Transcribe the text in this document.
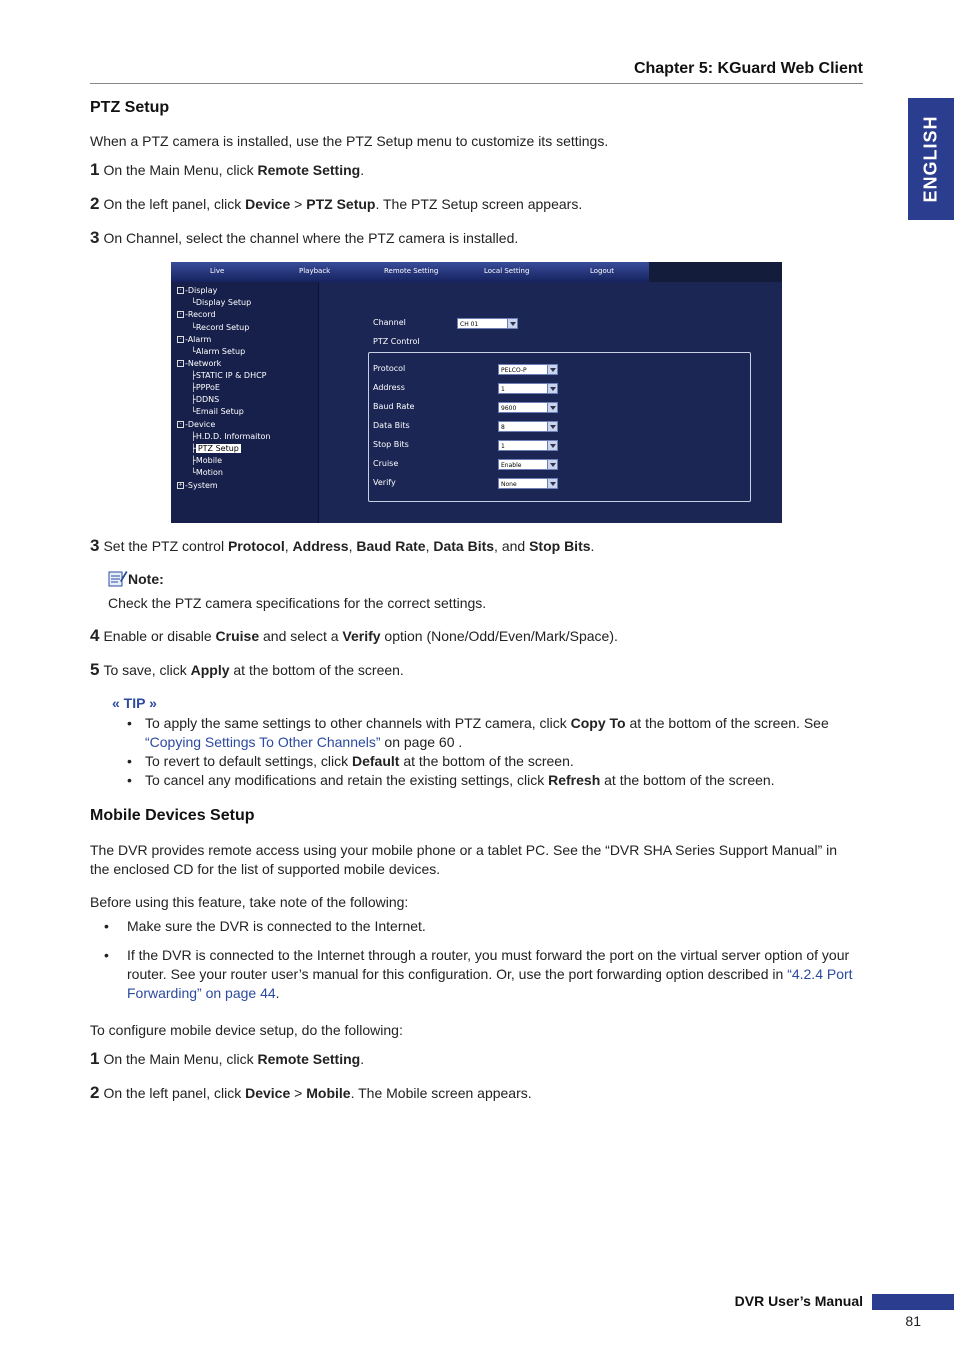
Chapter 5: KGuard Web Client
ENGLISH
PTZ Setup
When a PTZ camera is installed, use the PTZ Setup menu to customize its settings.
1 On the Main Menu, click Remote Setting.
2 On the left panel, click Device > PTZ Setup. The PTZ Setup screen appears.
3 On Channel, select the channel where the PTZ camera is installed.
Live	Playback	Remote Setting	Local Setting	Logout
- -Display
└Display Setup
- -Record
└Record Setup
- -Alarm
└Alarm Setup
- -Network
├STATIC IP & DHCP
├PPPoE
├DDNS
└Email Setup
- -Device
├H.D.D. Informaiton
├ PTZ Setup
├Mobile
└Motion
+ -System
Channel	CH 01
PTZ Control
Protocol	PELCO-P
Address	1
Baud Rate	9600
Data Bits	8
Stop Bits	1
Cruise	Enable
Verify	None
3 Set the PTZ control Protocol, Address, Baud Rate, Data Bits, and Stop Bits.
Note:
Check the PTZ camera specifications for the correct settings.
4 Enable or disable Cruise and select a Verify option (None/Odd/Even/Mark/Space).
5 To save, click Apply at the bottom of the screen.
« TIP »
• To apply the same settings to other channels with PTZ camera, click Copy To at the bottom of the screen. See “Copying Settings To Other Channels” on page 60 .
• To revert to default settings, click Default at the bottom of the screen.
• To cancel any modifications and retain the existing settings, click Refresh at the bottom of the screen.
Mobile Devices Setup
The DVR provides remote access using your mobile phone or a tablet PC. See the “DVR SHA Series Support Manual” in the enclosed CD for the list of supported mobile devices.
Before using this feature, take note of the following:
• Make sure the DVR is connected to the Internet.
• If the DVR is connected to the Internet through a router, you must forward the port on the virtual server option of your router. See your router user’s manual for this configuration. Or, use the port forwarding option described in “4.2.4 Port Forwarding” on page 44.
To configure mobile device setup, do the following:
1 On the Main Menu, click Remote Setting.
2 On the left panel, click Device > Mobile. The Mobile screen appears.
DVR User’s Manual
81
